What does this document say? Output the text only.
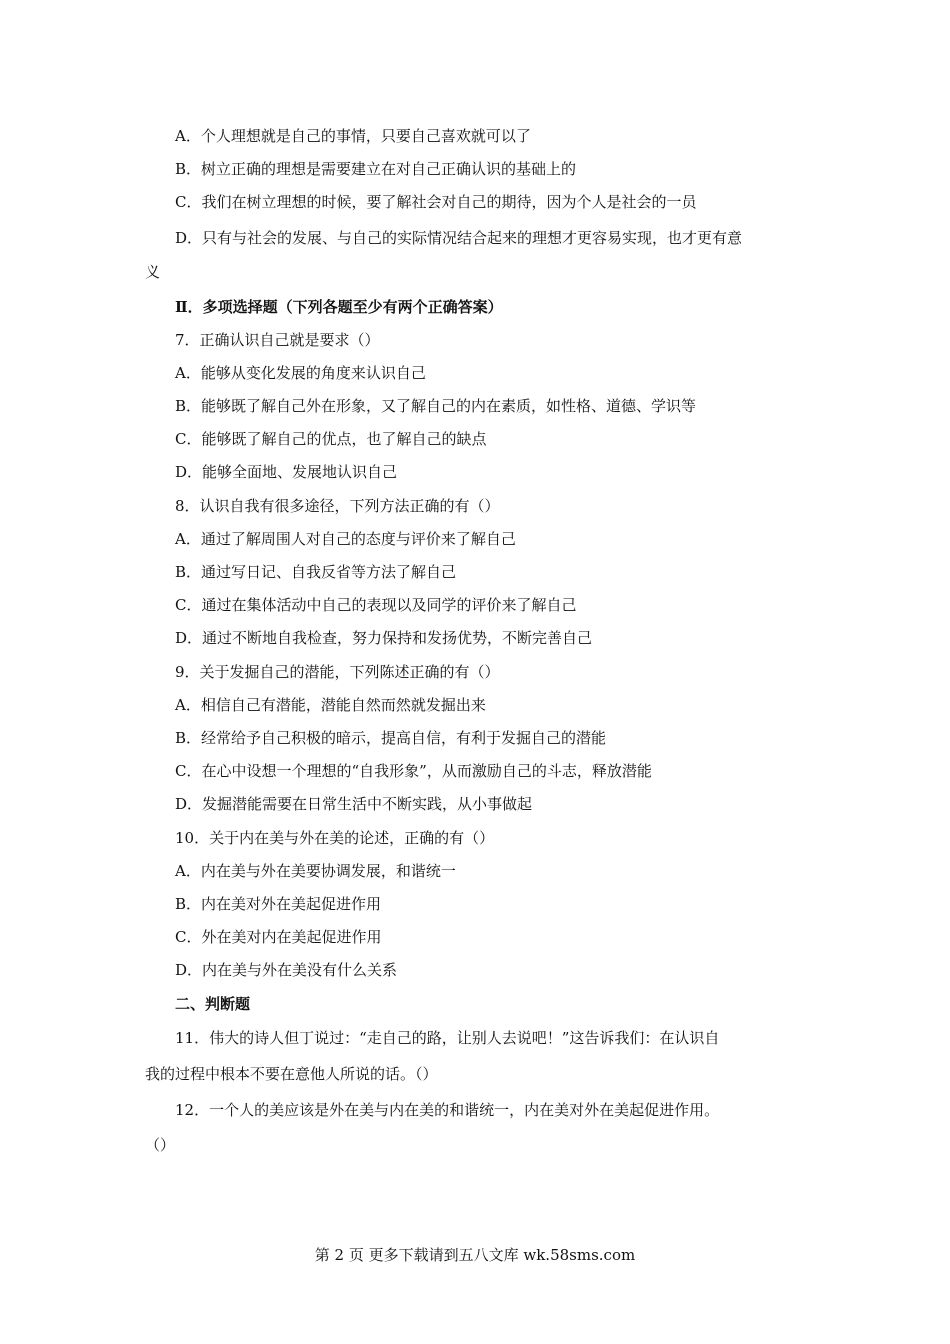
A．个人理想就是自己的事情，只要自己喜欢就可以了
B．树立正确的理想是需要建立在对自己正确认识的基础上的
C．我们在树立理想的时候，要了解社会对自己的期待，因为个人是社会的一员
D．只有与社会的发展、与自己的实际情况结合起来的理想才更容易实现，也才更有意
义
Ⅱ．多项选择题（下列各题至少有两个正确答案）
7．正确认识自己就是要求（）
A．能够从变化发展的角度来认识自己
B．能够既了解自己外在形象，又了解自己的内在素质，如性格、道德、学识等
C．能够既了解自己的优点，也了解自己的缺点
D．能够全面地、发展地认识自己
8．认识自我有很多途径，下列方法正确的有（）
A．通过了解周围人对自己的态度与评价来了解自己
B．通过写日记、自我反省等方法了解自己
C．通过在集体活动中自己的表现以及同学的评价来了解自己
D．通过不断地自我检查，努力保持和发扬优势，不断完善自己
9．关于发掘自己的潜能，下列陈述正确的有（）
A．相信自己有潜能，潜能自然而然就发掘出来
B．经常给予自己积极的暗示，提高自信，有利于发掘自己的潜能
C．在心中设想一个理想的“自我形象”，从而激励自己的斗志，释放潜能
D．发掘潜能需要在日常生活中不断实践，从小事做起
10．关于内在美与外在美的论述，正确的有（）
A．内在美与外在美要协调发展，和谐统一
B．内在美对外在美起促进作用
C．外在美对内在美起促进作用
D．内在美与外在美没有什么关系
二、判断题
11．伟大的诗人但丁说过：“走自己的路，让别人去说吧！”这告诉我们：在认识自
我的过程中根本不要在意他人所说的话。（）
12．一个人的美应该是外在美与内在美的和谐统一，内在美对外在美起促进作用。
（）
第 2 页 更多下载请到五八文库 wk.58sms.com
